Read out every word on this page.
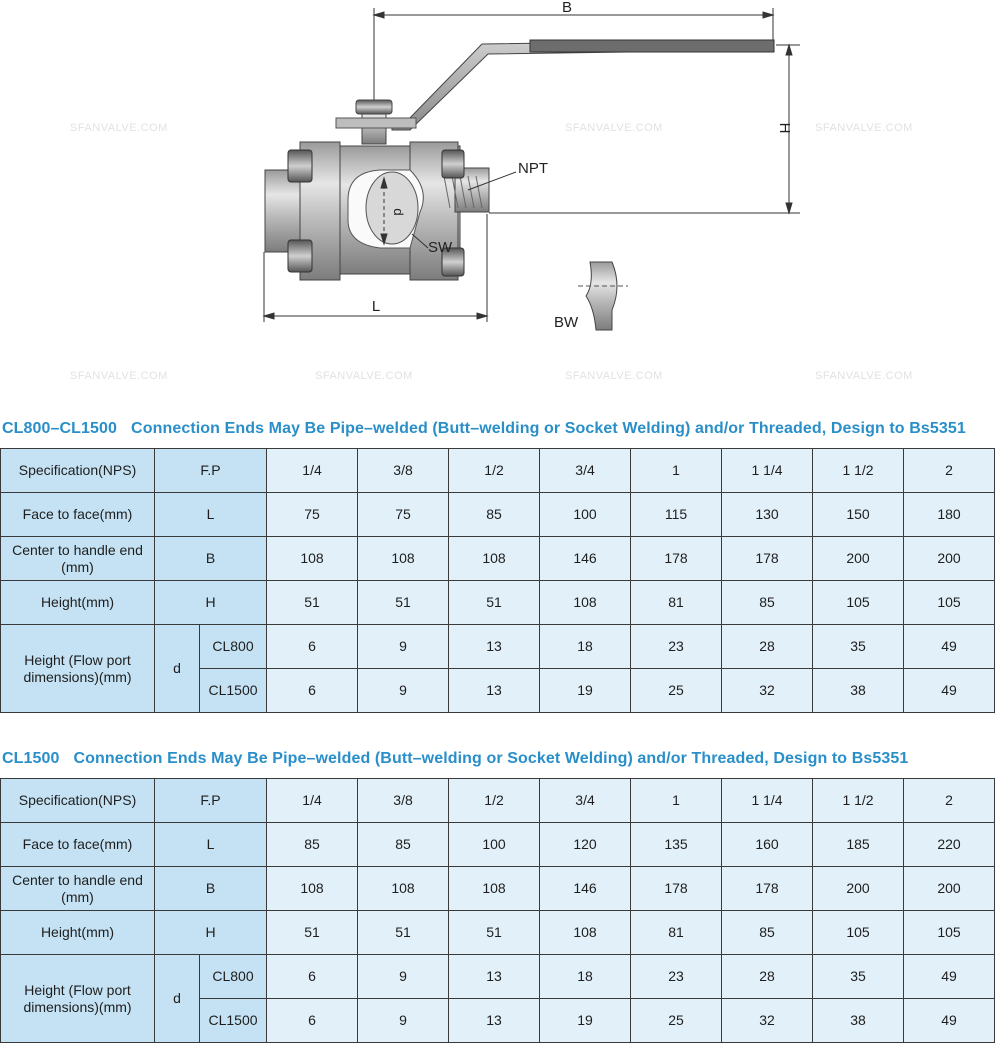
B
H
d
NPT
SW
L
BW
SFANVALVE.COM	SFANVALVE.COM	SFANVALVE.COM
SFANVALVE.COM	SFANVALVE.COM	SFANVALVE.COM	SFANVALVE.COM
CL800–CL1500 Connection Ends May Be Pipe–welded (Butt–welding or Socket Welding) and/or Threaded, Design to Bs5351
Specification(NPS)	F.P		1/4	3/8	1/2	3/4	1	1 1/4	1 1/2	2
Face to face(mm)	L		75	75	85	100	115	130	150	180
Center to handle end (mm)	B		108	108	108	146	178	178	200	200
Height(mm)	H		51	51	51	108	81	85	105	105
Height (Flow port dimensions)(mm)	d	CL800	6	9	13	18	23	28	35	49
		CL1500	6	9	13	19	25	32	38	49
CL1500 Connection Ends May Be Pipe–welded (Butt–welding or Socket Welding) and/or Threaded, Design to Bs5351
Specification(NPS)	F.P		1/4	3/8	1/2	3/4	1	1 1/4	1 1/2	2
Face to face(mm)	L		85	85	100	120	135	160	185	220
Center to handle end (mm)	B		108	108	108	146	178	178	200	200
Height(mm)	H		51	51	51	108	81	85	105	105
Height (Flow port dimensions)(mm)	d	CL800	6	9	13	18	23	28	35	49
		CL1500	6	9	13	19	25	32	38	49
